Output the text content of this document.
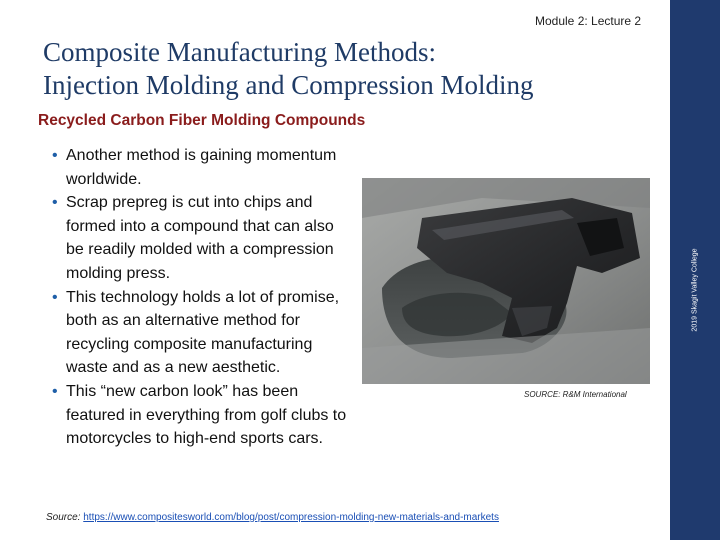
Module 2: Lecture 2
Composite Manufacturing Methods:
Injection Molding and Compression Molding
Recycled Carbon Fiber Molding Compounds
• Another method is gaining momentum worldwide.
• Scrap prepreg is cut into chips and formed into a compound that can also be readily molded with a compression molding press.
• This technology holds a lot of promise, both as an alternative method for recycling composite manufacturing waste and as a new aesthetic.
• This “new carbon look” has been featured in everything from golf clubs to motorcycles to high-end sports cars.
SOURCE: R&M International
Source: https://www.compositesworld.com/blog/post/compression-molding-new-materials-and-markets
2019 Skagit Valley College
